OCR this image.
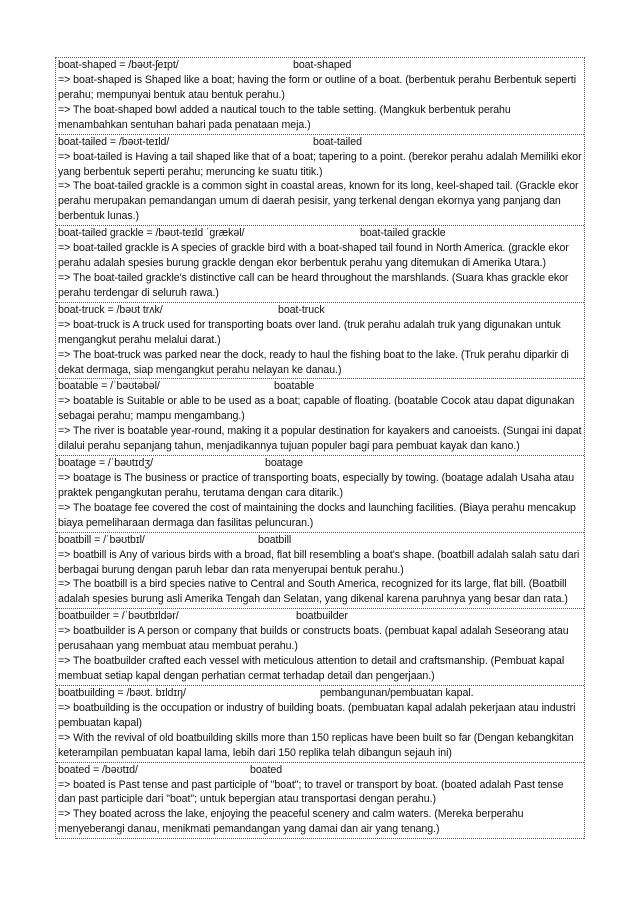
boat-shaped = /bəʊt-ʃeɪpt/	boat-shaped
=> boat-shaped is Shaped like a boat; having the form or outline of a boat. (berbentuk perahu Berbentuk seperti perahu; mempunyai bentuk atau bentuk perahu.)
=> The boat-shaped bowl added a nautical touch to the table setting. (Mangkuk berbentuk perahu menambahkan sentuhan bahari pada penataan meja.)
boat-tailed = /bəʊt-teɪld/	boat-tailed
=> boat-tailed is Having a tail shaped like that of a boat; tapering to a point. (berekor perahu adalah Memiliki ekor yang berbentuk seperti perahu; meruncing ke suatu titik.)
=> The boat-tailed grackle is a common sight in coastal areas, known for its long, keel-shaped tail. (Grackle ekor perahu merupakan pemandangan umum di daerah pesisir, yang terkenal dengan ekornya yang panjang dan berbentuk lunas.)
boat-tailed grackle = /bəʊt-teɪld ˈɡrækəl/	boat-tailed grackle
=> boat-tailed grackle is A species of grackle bird with a boat-shaped tail found in North America. (grackle ekor perahu adalah spesies burung grackle dengan ekor berbentuk perahu yang ditemukan di Amerika Utara.)
=> The boat-tailed grackle's distinctive call can be heard throughout the marshlands. (Suara khas grackle ekor perahu terdengar di seluruh rawa.)
boat-truck = /bəʊt trʌk/	boat-truck
=> boat-truck is A truck used for transporting boats over land. (truk perahu adalah truk yang digunakan untuk mengangkut perahu melalui darat.)
=> The boat-truck was parked near the dock, ready to haul the fishing boat to the lake. (Truk perahu diparkir di dekat dermaga, siap mengangkut perahu nelayan ke danau.)
boatable = /ˈbəʊtəbəl/	boatable
=> boatable is Suitable or able to be used as a boat; capable of floating. (boatable Cocok atau dapat digunakan sebagai perahu; mampu mengambang.)
=> The river is boatable year-round, making it a popular destination for kayakers and canoeists. (Sungai ini dapat dilalui perahu sepanjang tahun, menjadikannya tujuan populer bagi para pembuat kayak dan kano.)
boatage = /ˈbəʊtɪdʒ/	boatage
=> boatage is The business or practice of transporting boats, especially by towing. (boatage adalah Usaha atau praktek pengangkutan perahu, terutama dengan cara ditarik.)
=> The boatage fee covered the cost of maintaining the docks and launching facilities. (Biaya perahu mencakup biaya pemeliharaan dermaga dan fasilitas peluncuran.)
boatbill = /ˈbəʊtbɪl/	boatbill
=> boatbill is Any of various birds with a broad, flat bill resembling a boat's shape. (boatbill adalah salah satu dari berbagai burung dengan paruh lebar dan rata menyerupai bentuk perahu.)
=> The boatbill is a bird species native to Central and South America, recognized for its large, flat bill. (Boatbill adalah spesies burung asli Amerika Tengah dan Selatan, yang dikenal karena paruhnya yang besar dan rata.)
boatbuilder = /ˈbəʊtbɪldər/	boatbuilder
=> boatbuilder is A person or company that builds or constructs boats. (pembuat kapal adalah Seseorang atau perusahaan yang membuat atau membuat perahu.)
=> The boatbuilder crafted each vessel with meticulous attention to detail and craftsmanship. (Pembuat kapal membuat setiap kapal dengan perhatian cermat terhadap detail dan pengerjaan.)
boatbuilding = /bəʊt. bɪldɪŋ/	pembangunan/pembuatan kapal.
=> boatbuilding is the occupation or industry of building boats. (pembuatan kapal adalah pekerjaan atau industri pembuatan kapal)
=> With the revival of old boatbuilding skills more than 150 replicas have been built so far (Dengan kebangkitan keterampilan pembuatan kapal lama, lebih dari 150 replika telah dibangun sejauh ini)
boated = /bəʊtɪd/	boated
=> boated is Past tense and past participle of "boat"; to travel or transport by boat. (boated adalah Past tense dan past participle dari "boat"; untuk bepergian atau transportasi dengan perahu.)
=> They boated across the lake, enjoying the peaceful scenery and calm waters. (Mereka berperahu menyeberangi danau, menikmati pemandangan yang damai dan air yang tenang.)
